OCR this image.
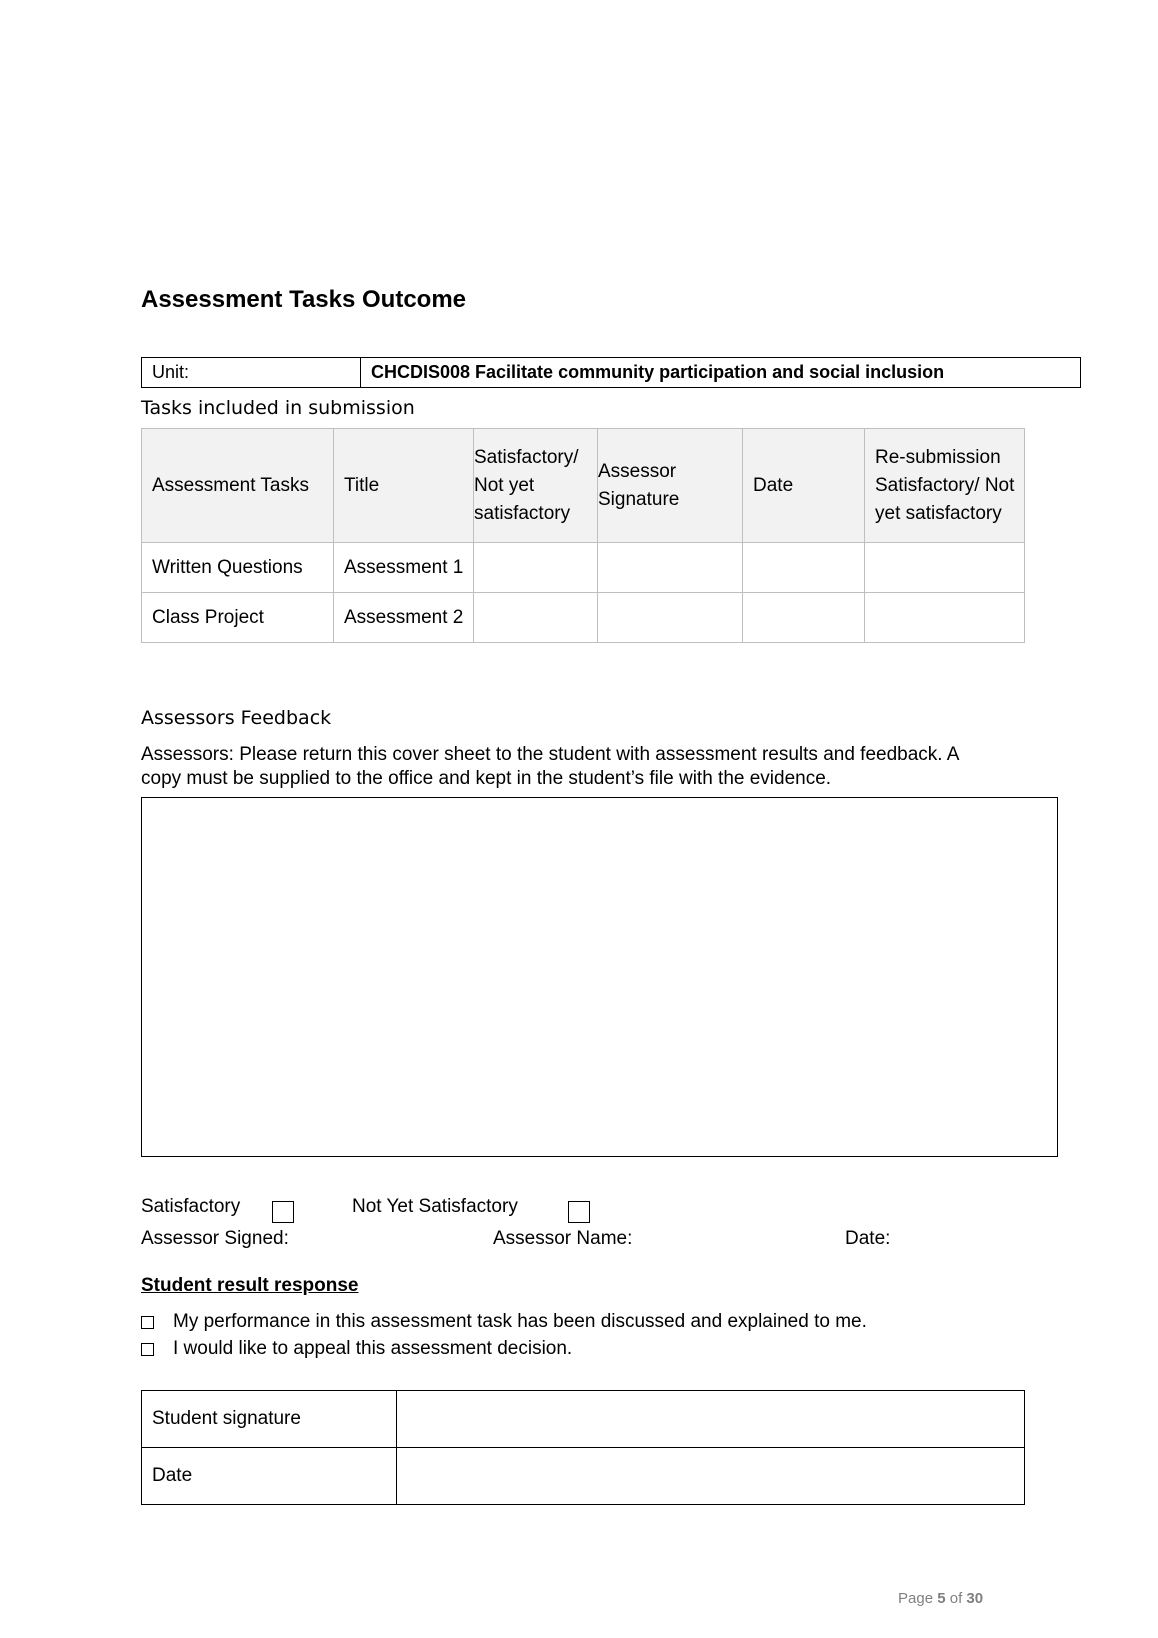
Assessment Tasks Outcome
Unit:	CHCDIS008 Facilitate community participation and social inclusion
Tasks included in submission
Assessment Tasks	Title	Satisfactory/ Not yet satisfactory	Assessor Signature	Date	Re-submission Satisfactory/ Not yet satisfactory
Written Questions	Assessment 1				
Class Project	Assessment 2				
Assessors Feedback
Assessors: Please return this cover sheet to the student with assessment results and feedback. A copy must be supplied to the office and kept in the student’s file with the evidence.
Satisfactory	Not Yet Satisfactory
Assessor Signed:	Assessor Name:	Date:
Student result response
My performance in this assessment task has been discussed and explained to me.
I would like to appeal this assessment decision.
Student signature	
Date	
Page 5 of 30
